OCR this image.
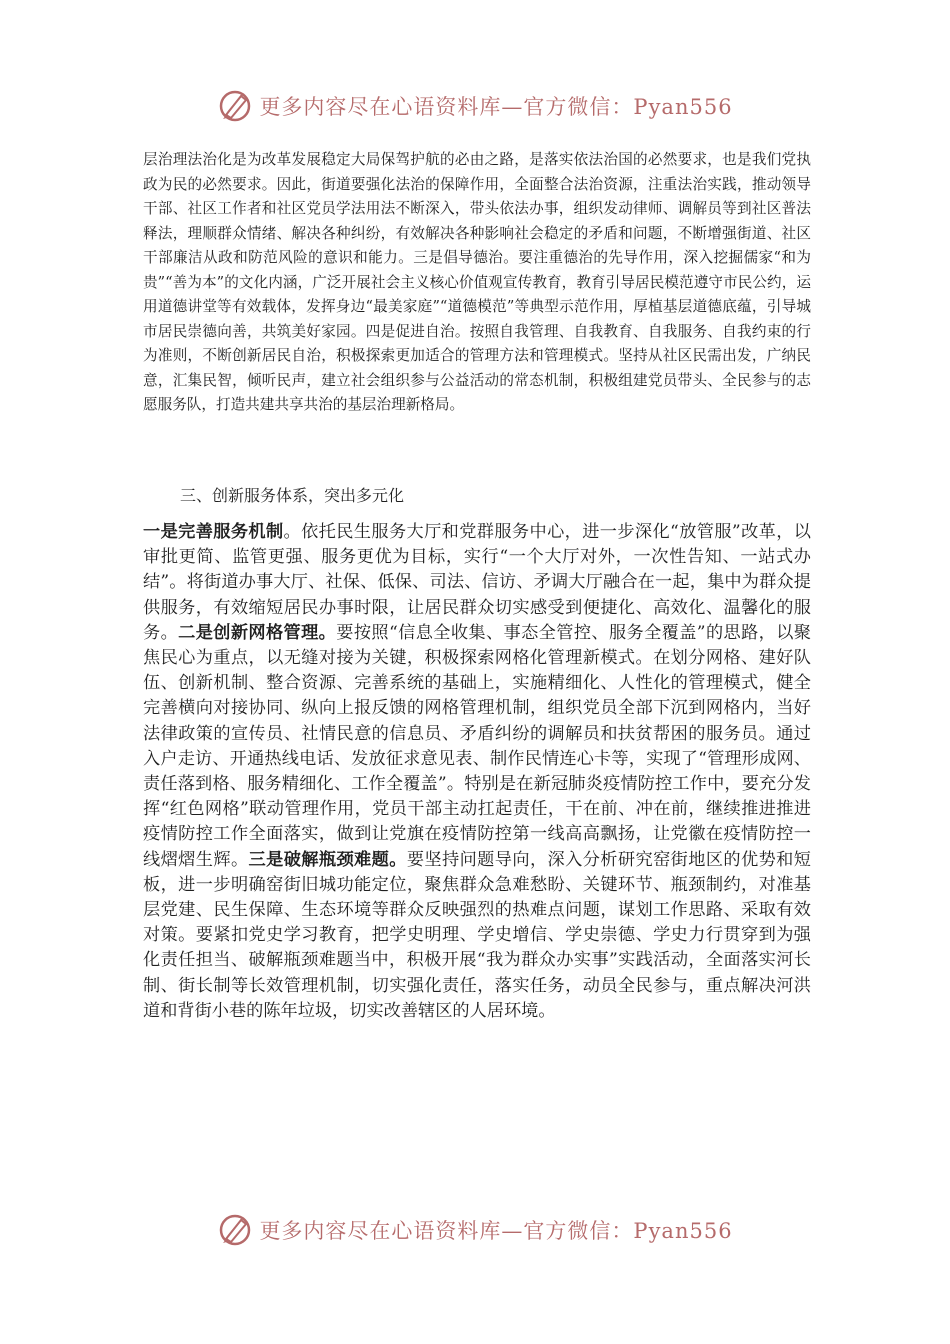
更多内容尽在心语资料库—官方微信：Pyan556
层治理法治化是为改革发展稳定大局保驾护航的必由之路，是落实依法治国的必然要求，也是我们党执政为民的必然要求。因此，街道要强化法治的保障作用，全面整合法治资源，注重法治实践，推动领导干部、社区工作者和社区党员学法用法不断深入，带头依法办事，组织发动律师、调解员等到社区普法释法，理顺群众情绪、解决各种纠纷，有效解决各种影响社会稳定的矛盾和问题，不断增强街道、社区干部廉洁从政和防范风险的意识和能力。三是倡导德治。要注重德治的先导作用，深入挖掘儒家“和为贵”“善为本”的文化内涵，广泛开展社会主义核心价值观宣传教育，教育引导居民模范遵守市民公约，运用道德讲堂等有效载体，发挥身边“最美家庭”“道德模范”等典型示范作用，厚植基层道德底蕴，引导城市居民崇德向善，共筑美好家园。四是促进自治。按照自我管理、自我教育、自我服务、自我约束的行为准则，不断创新居民自治，积极探索更加适合的管理方法和管理模式。坚持从社区民需出发，广纳民意，汇集民智，倾听民声，建立社会组织参与公益活动的常态机制，积极组建党员带头、全民参与的志愿服务队，打造共建共享共治的基层治理新格局。
三、创新服务体系，突出多元化
一是完善服务机制。依托民生服务大厅和党群服务中心，进一步深化“放管服”改革，以审批更简、监管更强、服务更优为目标，实行“一个大厅对外，一次性告知、一站式办结”。将街道办事大厅、社保、低保、司法、信访、矛调大厅融合在一起，集中为群众提供服务，有效缩短居民办事时限，让居民群众切实感受到便捷化、高效化、温馨化的服务。二是创新网格管理。要按照“信息全收集、事态全管控、服务全覆盖”的思路，以聚焦民心为重点，以无缝对接为关键，积极探索网格化管理新模式。在划分网格、建好队伍、创新机制、整合资源、完善系统的基础上，实施精细化、人性化的管理模式，健全完善横向对接协同、纵向上报反馈的网格管理机制，组织党员全部下沉到网格内，当好法律政策的宣传员、社情民意的信息员、矛盾纠纷的调解员和扶贫帮困的服务员。通过入户走访、开通热线电话、发放征求意见表、制作民情连心卡等，实现了“管理形成网、责任落到格、服务精细化、工作全覆盖”。特别是在新冠肺炎疫情防控工作中，要充分发挥“红色网格”联动管理作用，党员干部主动扛起责任，干在前、冲在前，继续推进推进疫情防控工作全面落实，做到让党旗在疫情防控第一线高高飘扬，让党徽在疫情防控一线熠熠生辉。三是破解瓶颈难题。要坚持问题导向，深入分析研究窑街地区的优势和短板，进一步明确窑街旧城功能定位，聚焦群众急难愁盼、关键环节、瓶颈制约，对准基层党建、民生保障、生态环境等群众反映强烈的热难点问题，谋划工作思路、采取有效对策。要紧扣党史学习教育，把学史明理、学史增信、学史崇德、学史力行贯穿到为强化责任担当、破解瓶颈难题当中，积极开展“我为群众办实事”实践活动，全面落实河长制、街长制等长效管理机制，切实强化责任，落实任务，动员全民参与，重点解决河洪道和背街小巷的陈年垃圾，切实改善辖区的人居环境。
更多内容尽在心语资料库—官方微信：Pyan556
